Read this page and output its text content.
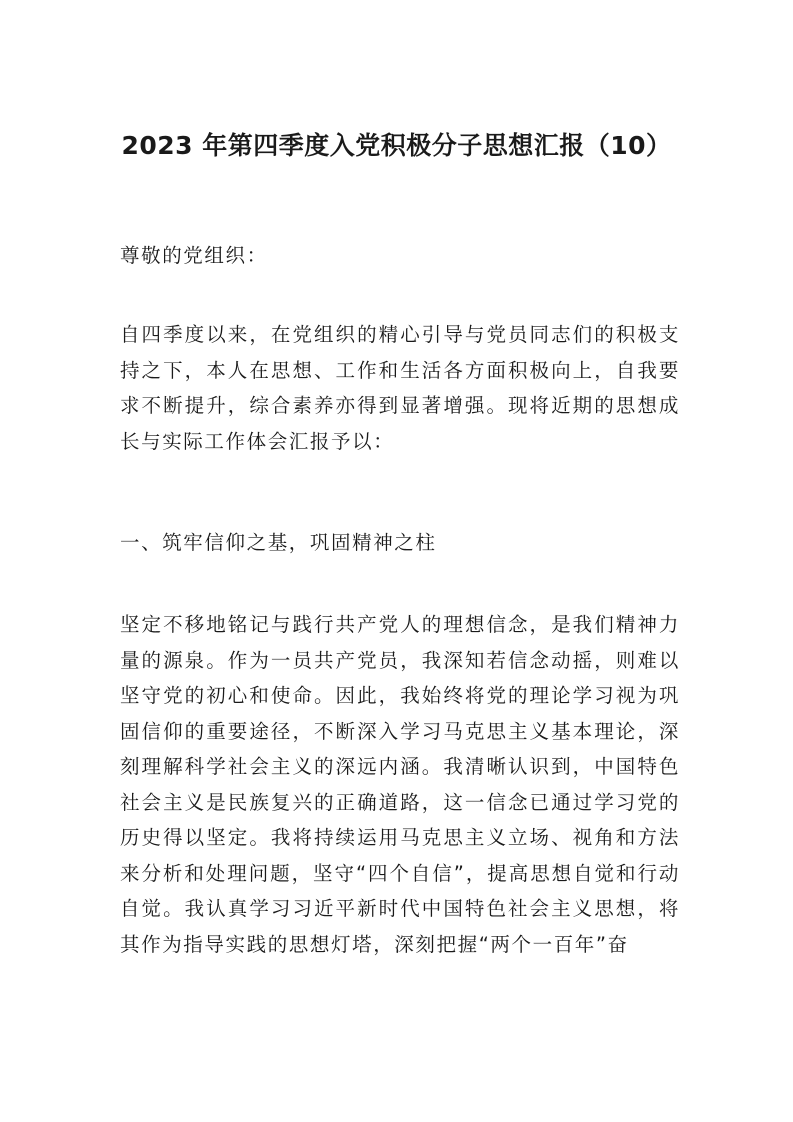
2023 年第四季度入党积极分子思想汇报（10）

尊敬的党组织：

自四季度以来，在党组织的精心引导与党员同志们的积极支持之下，本人在思想、工作和生活各方面积极向上，自我要求不断提升，综合素养亦得到显著增强。现将近期的思想成长与实际工作体会汇报予以：

一、筑牢信仰之基，巩固精神之柱

坚定不移地铭记与践行共产党人的理想信念，是我们精神力量的源泉。作为一员共产党员，我深知若信念动摇，则难以坚守党的初心和使命。因此，我始终将党的理论学习视为巩固信仰的重要途径，不断深入学习马克思主义基本理论，深刻理解科学社会主义的深远内涵。我清晰认识到，中国特色社会主义是民族复兴的正确道路，这一信念已通过学习党的历史得以坚定。我将持续运用马克思主义立场、视角和方法来分析和处理问题，坚守“四个自信”，提高思想自觉和行动自觉。我认真学习习近平新时代中国特色社会主义思想，将其作为指导实践的思想灯塔，深刻把握“两个一百年”奋
